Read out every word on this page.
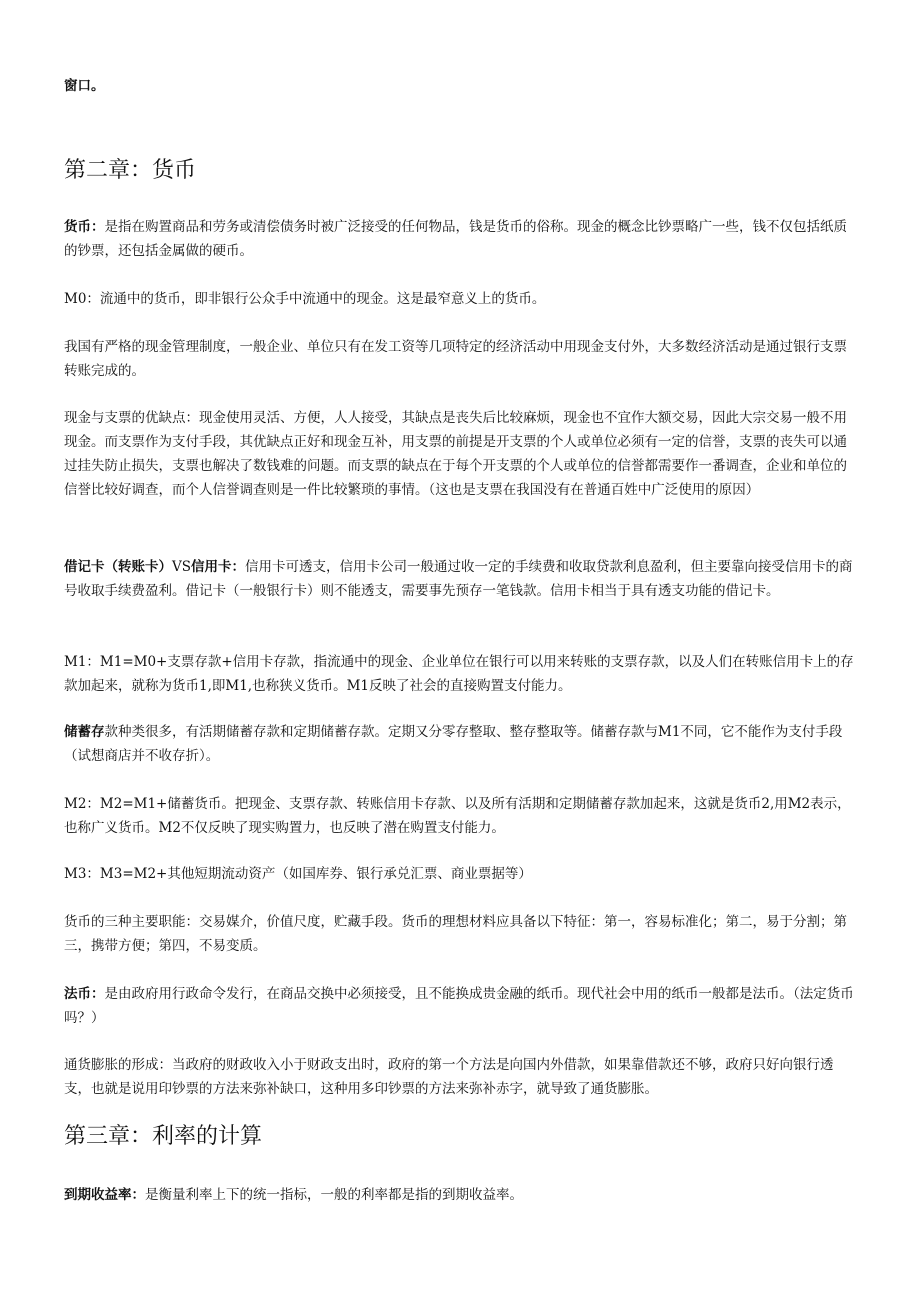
窗口。

第二章：货币

货币：是指在购置商品和劳务或清偿债务时被广泛接受的任何物品，钱是货币的俗称。现金的概念比钞票略广一些，钱不仅包括纸质的钞票，还包括金属做的硬币。

M0：流通中的货币，即非银行公众手中流通中的现金。这是最窄意义上的货币。

我国有严格的现金管理制度，一般企业、单位只有在发工资等几项特定的经济活动中用现金支付外，大多数经济活动是通过银行支票转账完成的。

现金与支票的优缺点：现金使用灵活、方便，人人接受，其缺点是丧失后比较麻烦，现金也不宜作大额交易，因此大宗交易一般不用现金。而支票作为支付手段，其优缺点正好和现金互补，用支票的前提是开支票的个人或单位必须有一定的信誉，支票的丧失可以通过挂失防止损失，支票也解决了数钱难的问题。而支票的缺点在于每个开支票的个人或单位的信誉都需要作一番调查，企业和单位的信誉比较好调查，而个人信誉调查则是一件比较繁琐的事情。（这也是支票在我国没有在普通百姓中广泛使用的原因）

借记卡（转账卡）VS信用卡：信用卡可透支，信用卡公司一般通过收一定的手续费和收取贷款利息盈利，但主要靠向接受信用卡的商号收取手续费盈利。借记卡（一般银行卡）则不能透支，需要事先预存一笔钱款。信用卡相当于具有透支功能的借记卡。

M1：M1=M0+支票存款+信用卡存款，指流通中的现金、企业单位在银行可以用来转账的支票存款，以及人们在转账信用卡上的存款加起来，就称为货币1,即M1,也称狭义货币。M1反映了社会的直接购置支付能力。

储蓄存款种类很多，有活期储蓄存款和定期储蓄存款。定期又分零存整取、整存整取等。储蓄存款与M1不同，它不能作为支付手段（试想商店并不收存折）。

M2：M2=M1+储蓄货币。把现金、支票存款、转账信用卡存款、以及所有活期和定期储蓄存款加起来，这就是货币2,用M2表示，也称广义货币。M2不仅反映了现实购置力，也反映了潜在购置支付能力。

M3：M3=M2+其他短期流动资产（如国库券、银行承兑汇票、商业票据等）

货币的三种主要职能：交易媒介，价值尺度，贮藏手段。货币的理想材料应具备以下特征：第一，容易标准化；第二，易于分割；第三，携带方便；第四，不易变质。

法币：是由政府用行政命令发行，在商品交换中必须接受，且不能换成贵金融的纸币。现代社会中用的纸币一般都是法币。（法定货币吗？）

通货膨胀的形成：当政府的财政收入小于财政支出时，政府的第一个方法是向国内外借款，如果靠借款还不够，政府只好向银行透支，也就是说用印钞票的方法来弥补缺口，这种用多印钞票的方法来弥补赤字，就导致了通货膨胀。

第三章：利率的计算

到期收益率：是衡量利率上下的统一指标，一般的利率都是指的到期收益率。
